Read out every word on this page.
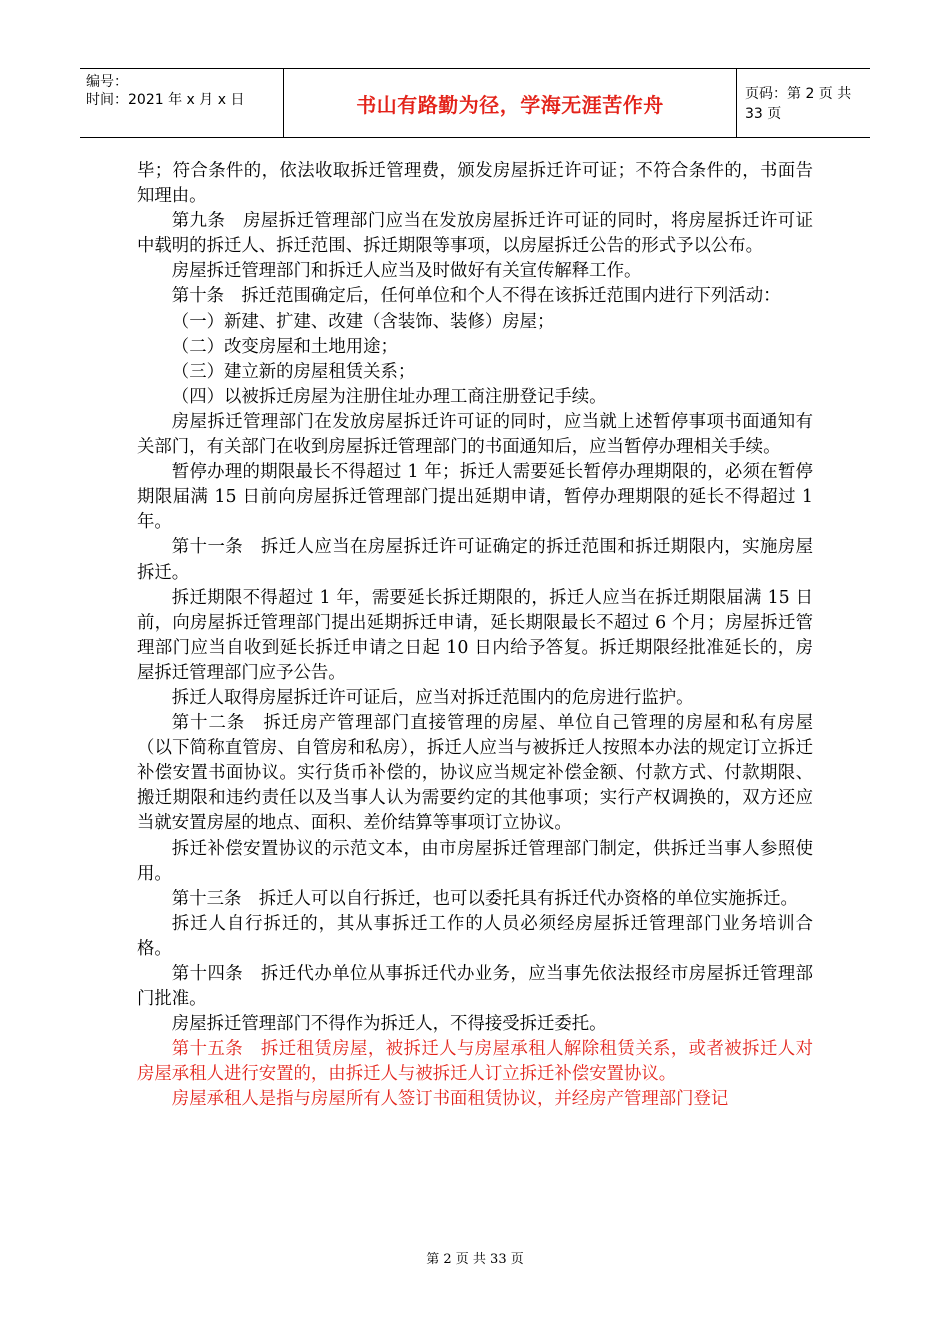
编号：
时间：2021 年 x 月 x 日	书山有路勤为径，学海无涯苦作舟	页码：第 2 页 共 33 页

毕；符合条件的，依法收取拆迁管理费，颁发房屋拆迁许可证；不符合条件的，书面告知理由。

第九条　房屋拆迁管理部门应当在发放房屋拆迁许可证的同时，将房屋拆迁许可证中载明的拆迁人、拆迁范围、拆迁期限等事项，以房屋拆迁公告的形式予以公布。

房屋拆迁管理部门和拆迁人应当及时做好有关宣传解释工作。

第十条　拆迁范围确定后，任何单位和个人不得在该拆迁范围内进行下列活动：

（一）新建、扩建、改建（含装饰、装修）房屋；

（二）改变房屋和土地用途；

（三）建立新的房屋租赁关系；

（四）以被拆迁房屋为注册住址办理工商注册登记手续。

房屋拆迁管理部门在发放房屋拆迁许可证的同时，应当就上述暂停事项书面通知有关部门，有关部门在收到房屋拆迁管理部门的书面通知后，应当暂停办理相关手续。

暂停办理的期限最长不得超过 1 年；拆迁人需要延长暂停办理期限的，必须在暂停期限届满 15 日前向房屋拆迁管理部门提出延期申请，暂停办理期限的延长不得超过 1 年。

第十一条　拆迁人应当在房屋拆迁许可证确定的拆迁范围和拆迁期限内，实施房屋拆迁。

拆迁期限不得超过 1 年，需要延长拆迁期限的，拆迁人应当在拆迁期限届满 15 日前，向房屋拆迁管理部门提出延期拆迁申请，延长期限最长不超过 6 个月；房屋拆迁管理部门应当自收到延长拆迁申请之日起 10 日内给予答复。拆迁期限经批准延长的，房屋拆迁管理部门应予公告。

拆迁人取得房屋拆迁许可证后，应当对拆迁范围内的危房进行监护。

第十二条　拆迁房产管理部门直接管理的房屋、单位自己管理的房屋和私有房屋（以下简称直管房、自管房和私房），拆迁人应当与被拆迁人按照本办法的规定订立拆迁补偿安置书面协议。实行货币补偿的，协议应当规定补偿金额、付款方式、付款期限、搬迁期限和违约责任以及当事人认为需要约定的其他事项；实行产权调换的，双方还应当就安置房屋的地点、面积、差价结算等事项订立协议。

拆迁补偿安置协议的示范文本，由市房屋拆迁管理部门制定，供拆迁当事人参照使用。

第十三条　拆迁人可以自行拆迁，也可以委托具有拆迁代办资格的单位实施拆迁。

拆迁人自行拆迁的，其从事拆迁工作的人员必须经房屋拆迁管理部门业务培训合格。

第十四条　拆迁代办单位从事拆迁代办业务，应当事先依法报经市房屋拆迁管理部门批准。

房屋拆迁管理部门不得作为拆迁人，不得接受拆迁委托。

第十五条　拆迁租赁房屋，被拆迁人与房屋承租人解除租赁关系，或者被拆迁人对房屋承租人进行安置的，由拆迁人与被拆迁人订立拆迁补偿安置协议。

房屋承租人是指与房屋所有人签订书面租赁协议，并经房产管理部门登记

第 2 页 共 33 页
